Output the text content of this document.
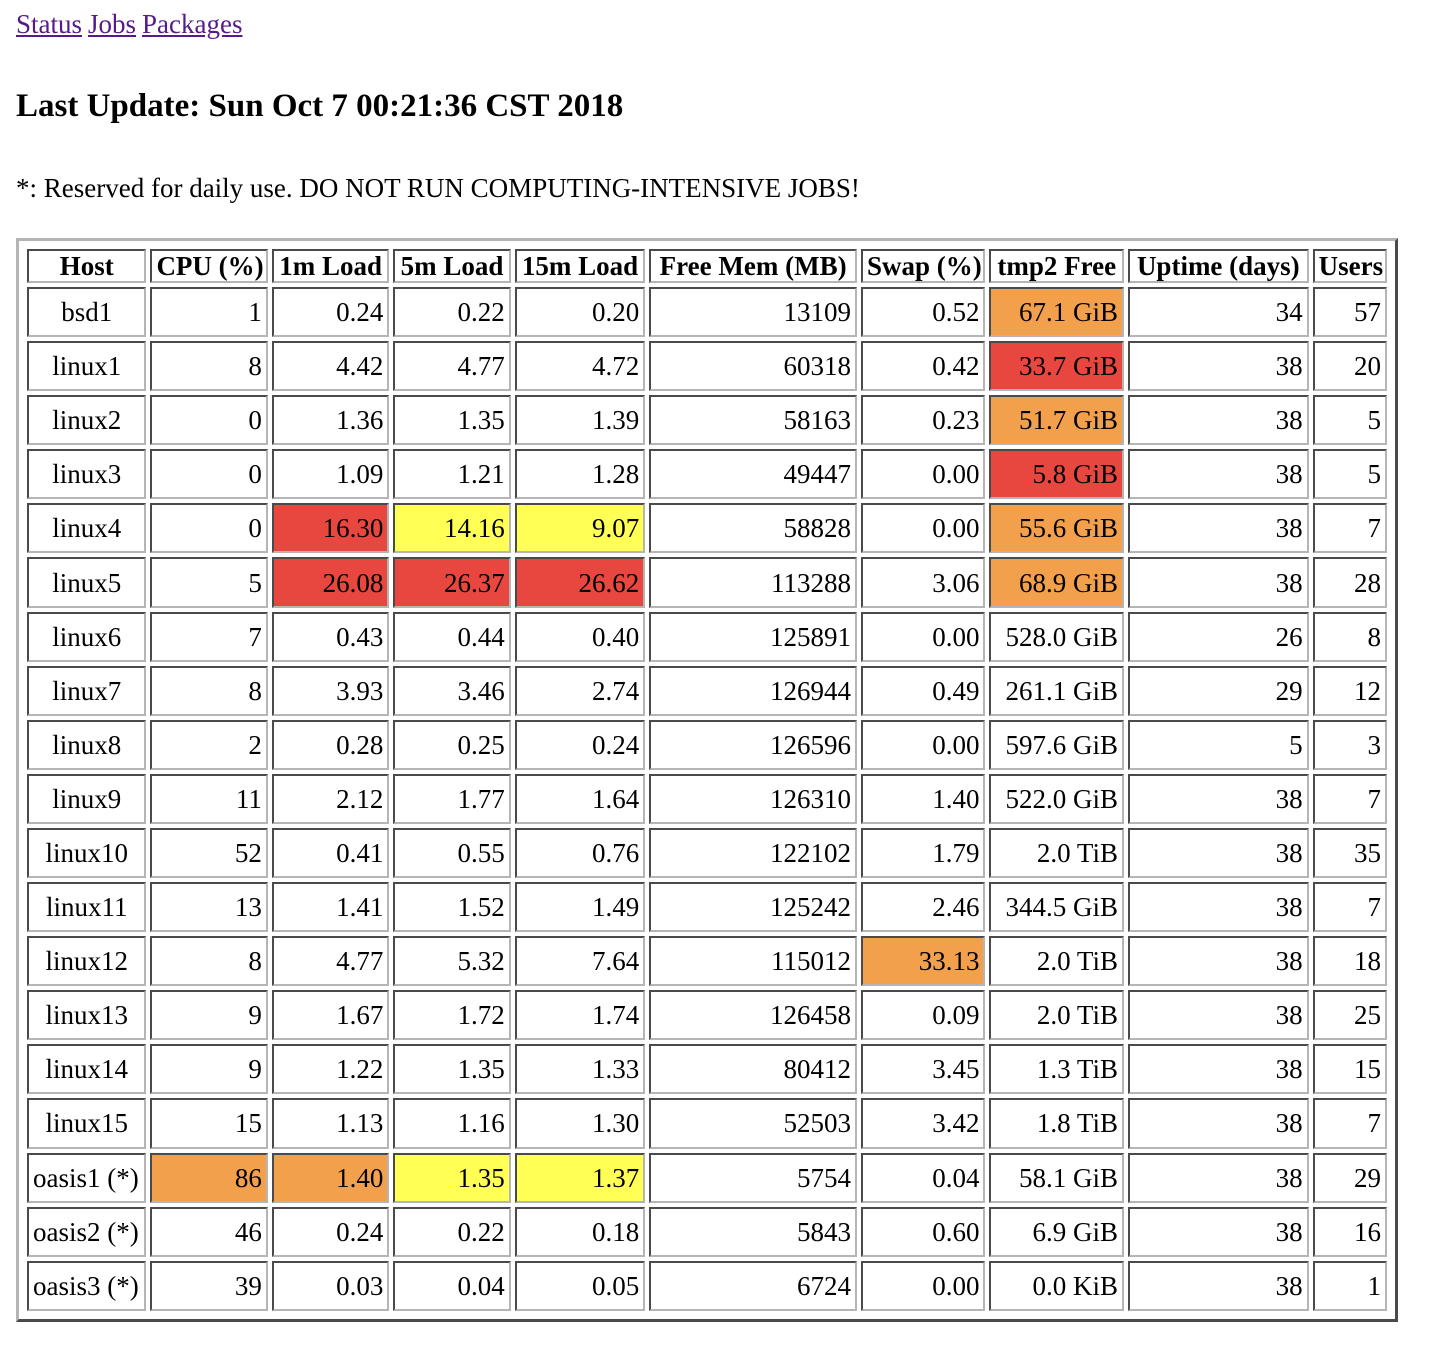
Status Jobs Packages
Last Update: Sun Oct 7 00:21:36 CST 2018

*: Reserved for daily use. DO NOT RUN COMPUTING-INTENSIVE JOBS!

Host	CPU (%)	1m Load	5m Load	15m Load	Free Mem (MB)	Swap (%)	tmp2 Free	Uptime (days)	Users
bsd1	1	0.24	0.22	0.20	13109	0.52	67.1 GiB	34	57
linux1	8	4.42	4.77	4.72	60318	0.42	33.7 GiB	38	20
linux2	0	1.36	1.35	1.39	58163	0.23	51.7 GiB	38	5
linux3	0	1.09	1.21	1.28	49447	0.00	5.8 GiB	38	5
linux4	0	16.30	14.16	9.07	58828	0.00	55.6 GiB	38	7
linux5	5	26.08	26.37	26.62	113288	3.06	68.9 GiB	38	28
linux6	7	0.43	0.44	0.40	125891	0.00	528.0 GiB	26	8
linux7	8	3.93	3.46	2.74	126944	0.49	261.1 GiB	29	12
linux8	2	0.28	0.25	0.24	126596	0.00	597.6 GiB	5	3
linux9	11	2.12	1.77	1.64	126310	1.40	522.0 GiB	38	7
linux10	52	0.41	0.55	0.76	122102	1.79	2.0 TiB	38	35
linux11	13	1.41	1.52	1.49	125242	2.46	344.5 GiB	38	7
linux12	8	4.77	5.32	7.64	115012	33.13	2.0 TiB	38	18
linux13	9	1.67	1.72	1.74	126458	0.09	2.0 TiB	38	25
linux14	9	1.22	1.35	1.33	80412	3.45	1.3 TiB	38	15
linux15	15	1.13	1.16	1.30	52503	3.42	1.8 TiB	38	7
oasis1 (*)	86	1.40	1.35	1.37	5754	0.04	58.1 GiB	38	29
oasis2 (*)	46	0.24	0.22	0.18	5843	0.60	6.9 GiB	38	16
oasis3 (*)	39	0.03	0.04	0.05	6724	0.00	0.0 KiB	38	1
